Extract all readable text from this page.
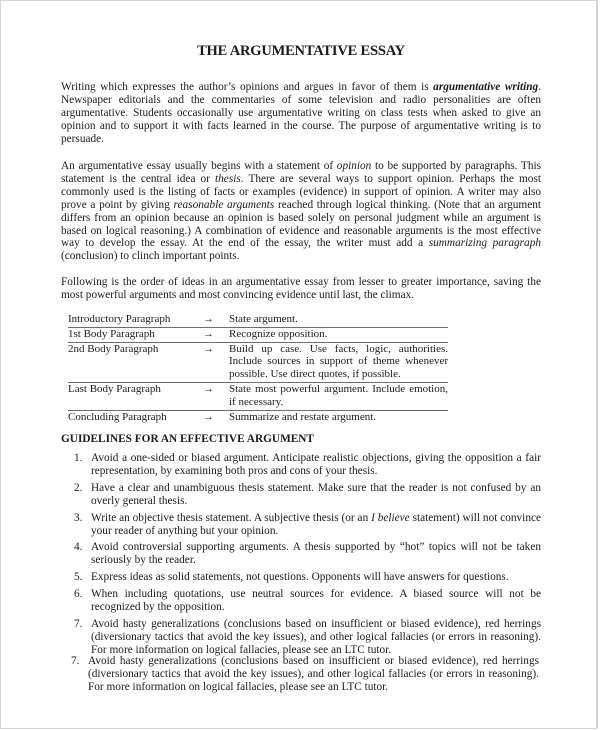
THE ARGUMENTATIVE ESSAY

Writing which expresses the author’s opinions and argues in favor of them is argumentative writing. Newspaper editorials and the commentaries of some television and radio personalities are often argumentative. Students occasionally use argumentative writing on class tests when asked to give an opinion and to support it with facts learned in the course. The purpose of argumentative writing is to persuade.

An argumentative essay usually begins with a statement of opinion to be supported by paragraphs. This statement is the central idea or thesis. There are several ways to support opinion. Perhaps the most commonly used is the listing of facts or examples (evidence) in support of opinion. A writer may also prove a point by giving reasonable arguments reached through logical thinking. (Note that an argument differs from an opinion because an opinion is based solely on personal judgment while an argument is based on logical reasoning.) A combination of evidence and reasonable arguments is the most effective way to develop the essay. At the end of the essay, the writer must add a summarizing paragraph (conclusion) to clinch important points.

Following is the order of ideas in an argumentative essay from lesser to greater importance, saving the most powerful arguments and most convincing evidence until last, the climax.

Introductory Paragraph	→	State argument.
1st Body Paragraph	→	Recognize opposition.
2nd Body Paragraph	→	Build up case. Use facts, logic, authorities. Include sources in support of theme whenever possible. Use direct quotes, if possible.
Last Body Paragraph	→	State most powerful argument. Include emotion, if necessary.
Concluding Paragraph	→	Summarize and restate argument.
GUIDELINES FOR AN EFFECTIVE ARGUMENT
1. Avoid a one-sided or biased argument. Anticipate realistic objections, giving the opposition a fair representation, by examining both pros and cons of your thesis.
2. Have a clear and unambiguous thesis statement. Make sure that the reader is not confused by an overly general thesis.
3. Write an objective thesis statement. A subjective thesis (or an I believe statement) will not convince your reader of anything but your opinion.
4. Avoid controversial supporting arguments. A thesis supported by “hot” topics will not be taken seriously by the reader.
5. Express ideas as solid statements, not questions. Opponents will have answers for questions.
6. When including quotations, use neutral sources for evidence. A biased source will not be recognized by the opposition.
7. Avoid hasty generalizations (conclusions based on insufficient or biased evidence), red herrings (diversionary tactics that avoid the key issues), and other logical fallacies (or errors in reasoning). For more information on logical fallacies, please see an LTC tutor.
7. Avoid hasty generalizations (conclusions based on insufficient or biased evidence), red herrings (diversionary tactics that avoid the key issues), and other logical fallacies (or errors in reasoning). For more information on logical fallacies, please see an LTC tutor.
